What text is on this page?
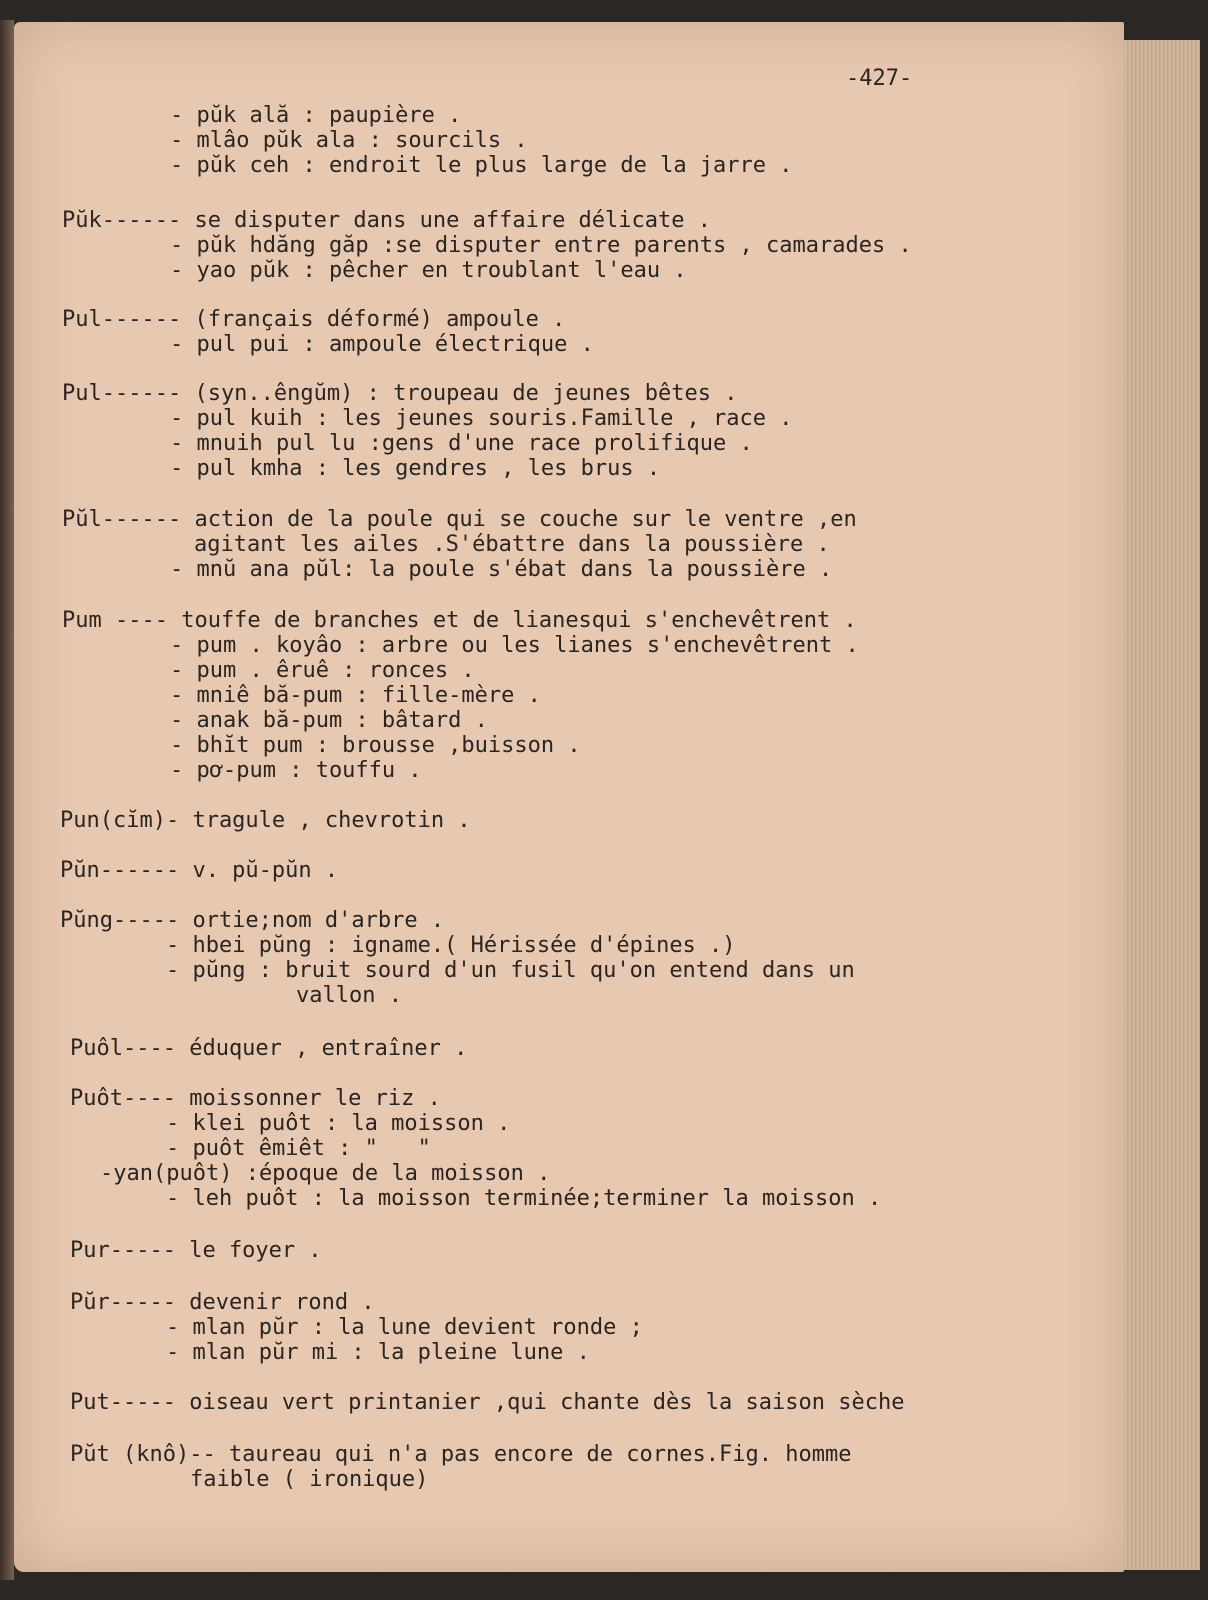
-427-
- pŭk ală : paupière .
- mlâo pŭk ala : sourcils .
- pŭk ceh : endroit le plus large de la jarre .
Pŭk------ se disputer dans une affaire délicate .
- pŭk hdăng găp :se disputer entre parents , camarades .
- yao pŭk : pêcher en troublant l'eau .
Pul------ (français déformé) ampoule .
- pul pui : ampoule électrique .
Pul------ (syn..êngŭm) : troupeau de jeunes bêtes .
- pul kuih : les jeunes souris.Famille , race .
- mnuih pul lu :gens d'une race prolifique .
- pul kmha : les gendres , les brus .
Pŭl------ action de la poule qui se couche sur le ventre ,en
agitant les ailes .S'ébattre dans la poussière .
- mnŭ ana pŭl: la poule s'ébat dans la poussière .
Pum ---- touffe de branches et de lianesqui s'enchevêtrent .
- pum . koyâo : arbre ou les lianes s'enchevêtrent .
- pum . êruê : ronces .
- mniê bă-pum : fille-mère .
- anak bă-pum : bâtard .
- bhĭt pum : brousse ,buisson .
- pơ-pum : touffu .
Pun(cĭm)- tragule , chevrotin .
Pŭn------ v. pŭ-pŭn .
Pŭng----- ortie;nom d'arbre .
- hbei pŭng : igname.( Hérissée d'épines .)
- pŭng : bruit sourd d'un fusil qu'on entend dans un
vallon .
Puôl---- éduquer , entraîner .
Puôt---- moissonner le riz .
- klei puôt : la moisson .
- puôt êmiêt : "   "
-yan(puôt) :époque de la moisson .
- leh puôt : la moisson terminée;terminer la moisson .
Pur----- le foyer .
Pŭr----- devenir rond .
- mlan pŭr : la lune devient ronde ;
- mlan pŭr mi : la pleine lune .
Put----- oiseau vert printanier ,qui chante dès la saison sèche
Pŭt (knô)-- taureau qui n'a pas encore de cornes.Fig. homme
faible ( ironique)
